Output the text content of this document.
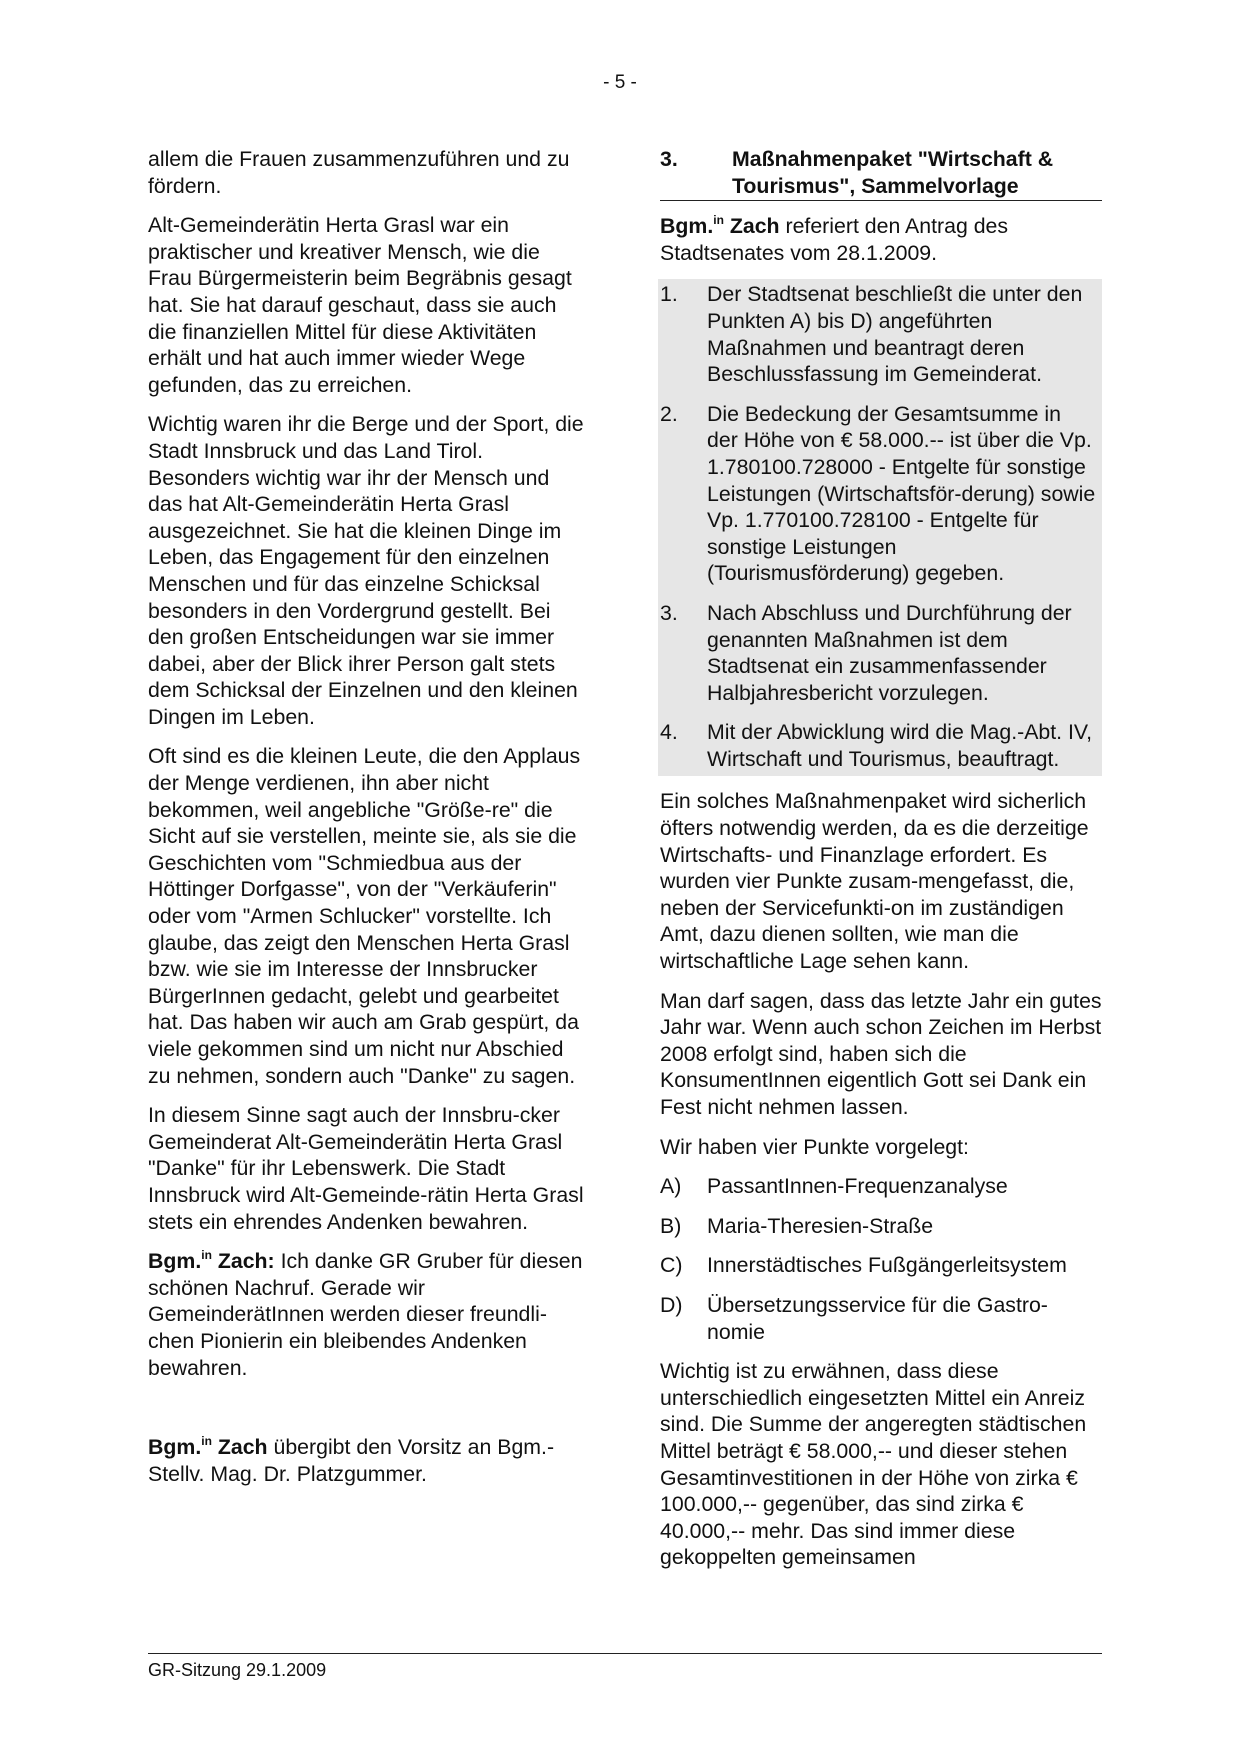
- 5 -

allem die Frauen zusammenzuführen und zu fördern.

Alt-Gemeinderätin Herta Grasl war ein praktischer und kreativer Mensch, wie die Frau Bürgermeisterin beim Begräbnis gesagt hat. Sie hat darauf geschaut, dass sie auch die finanziellen Mittel für diese Aktivitäten erhält und hat auch immer wieder Wege gefunden, das zu erreichen.

Wichtig waren ihr die Berge und der Sport, die Stadt Innsbruck und das Land Tirol. Besonders wichtig war ihr der Mensch und das hat Alt-Gemeinderätin Herta Grasl ausgezeichnet. Sie hat die kleinen Dinge im Leben, das Engagement für den einzelnen Menschen und für das einzelne Schicksal besonders in den Vordergrund gestellt. Bei den großen Entscheidungen war sie immer dabei, aber der Blick ihrer Person galt stets dem Schicksal der Einzelnen und den kleinen Dingen im Leben.

Oft sind es die kleinen Leute, die den Applaus der Menge verdienen, ihn aber nicht bekommen, weil angebliche "Größe-re" die Sicht auf sie verstellen, meinte sie, als sie die Geschichten vom "Schmiedbua aus der Höttinger Dorfgasse", von der "Verkäuferin" oder vom "Armen Schlucker" vorstellte. Ich glaube, das zeigt den Menschen Herta Grasl bzw. wie sie im Interesse der Innsbrucker BürgerInnen gedacht, gelebt und gearbeitet hat. Das haben wir auch am Grab gespürt, da viele gekommen sind um nicht nur Abschied zu nehmen, sondern auch "Danke" zu sagen.

In diesem Sinne sagt auch der Innsbru-cker Gemeinderat Alt-Gemeinderätin Herta Grasl "Danke" für ihr Lebenswerk. Die Stadt Innsbruck wird Alt-Gemeinde-rätin Herta Grasl stets ein ehrendes Andenken bewahren.

Bgm.$^{in}$ Zach: Ich danke GR Gruber für diesen schönen Nachruf. Gerade wir GemeinderätInnen werden dieser freundli-chen Pionierin ein bleibendes Andenken bewahren.

Bgm.$^{in}$ Zach übergibt den Vorsitz an Bgm.-Stellv. Mag. Dr. Platzgummer.

3.	Maßnahmenpaket "Wirtschaft & Tourismus", Sammelvorlage

Bgm.$^{in}$ Zach referiert den Antrag des Stadtsenates vom 28.1.2009.

1.	Der Stadtsenat beschließt die unter den Punkten A) bis D) angeführten Maßnahmen und beantragt deren Beschlussfassung im Gemeinderat.
2.	Die Bedeckung der Gesamtsumme in der Höhe von € 58.000.-- ist über die Vp. 1.780100.728000 - Entgelte für sonstige Leistungen (Wirtschaftsför-derung) sowie Vp. 1.770100.728100 - Entgelte für sonstige Leistungen (Tourismusförderung) gegeben.
3.	Nach Abschluss und Durchführung der genannten Maßnahmen ist dem Stadtsenat ein zusammenfassender Halbjahresbericht vorzulegen.
4.	Mit der Abwicklung wird die Mag.-Abt. IV, Wirtschaft und Tourismus, beauftragt.

Ein solches Maßnahmenpaket wird sicherlich öfters notwendig werden, da es die derzeitige Wirtschafts- und Finanzlage erfordert. Es wurden vier Punkte zusam-mengefasst, die, neben der Servicefunkti-on im zuständigen Amt, dazu dienen sollten, wie man die wirtschaftliche Lage sehen kann.

Man darf sagen, dass das letzte Jahr ein gutes Jahr war. Wenn auch schon Zeichen im Herbst 2008 erfolgt sind, haben sich die KonsumentInnen eigentlich Gott sei Dank ein Fest nicht nehmen lassen.

Wir haben vier Punkte vorgelegt:

A)	PassantInnen-Frequenzanalyse
B)	Maria-Theresien-Straße
C)	Innerstädtisches Fußgängerleitsystem
D)	Übersetzungsservice für die Gastro-nomie

Wichtig ist zu erwähnen, dass diese unterschiedlich eingesetzten Mittel ein Anreiz sind. Die Summe der angeregten städtischen Mittel beträgt € 58.000,-- und dieser stehen Gesamtinvestitionen in der Höhe von zirka € 100.000,-- gegenüber, das sind zirka € 40.000,-- mehr. Das sind immer diese gekoppelten gemeinsamen

GR-Sitzung 29.1.2009
